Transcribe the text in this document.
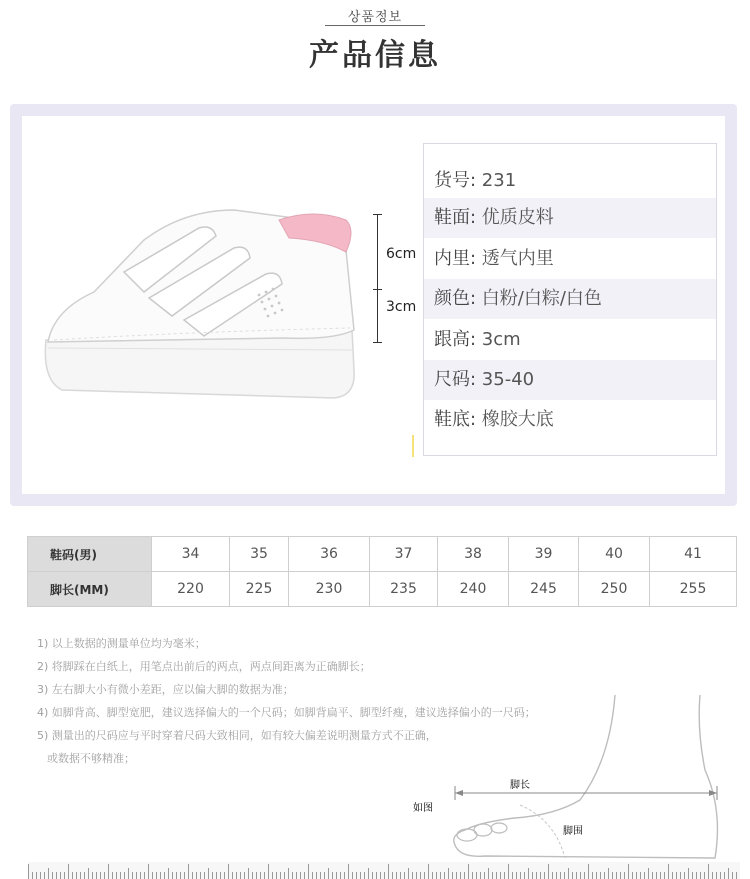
상품정보
产品信息
6cm
3cm
货号: 231
鞋面: 优质皮料
内里: 透气内里
颜色: 白粉/白粽/白色
跟高: 3cm
尺码: 35-40
鞋底: 橡胶大底
鞋码(男)	34	35	36	37	38	39	40	41
脚长(MM)	220	225	230	235	240	245	250	255
1) 以上数据的测量单位均为毫米；
2) 将脚踩在白纸上，用笔点出前后的两点，两点间距离为正确脚长；
3) 左右脚大小有微小差距，应以偏大脚的数据为准；
4) 如脚背高、脚型宽肥，建议选择偏大的一个尺码；如脚背扁平、脚型纤瘦，建议选择偏小的一尺码；
5) 测量出的尺码应与平时穿着尺码大致相同，如有较大偏差说明测量方式不正确，
或数据不够精准；
脚长
如图
脚围
